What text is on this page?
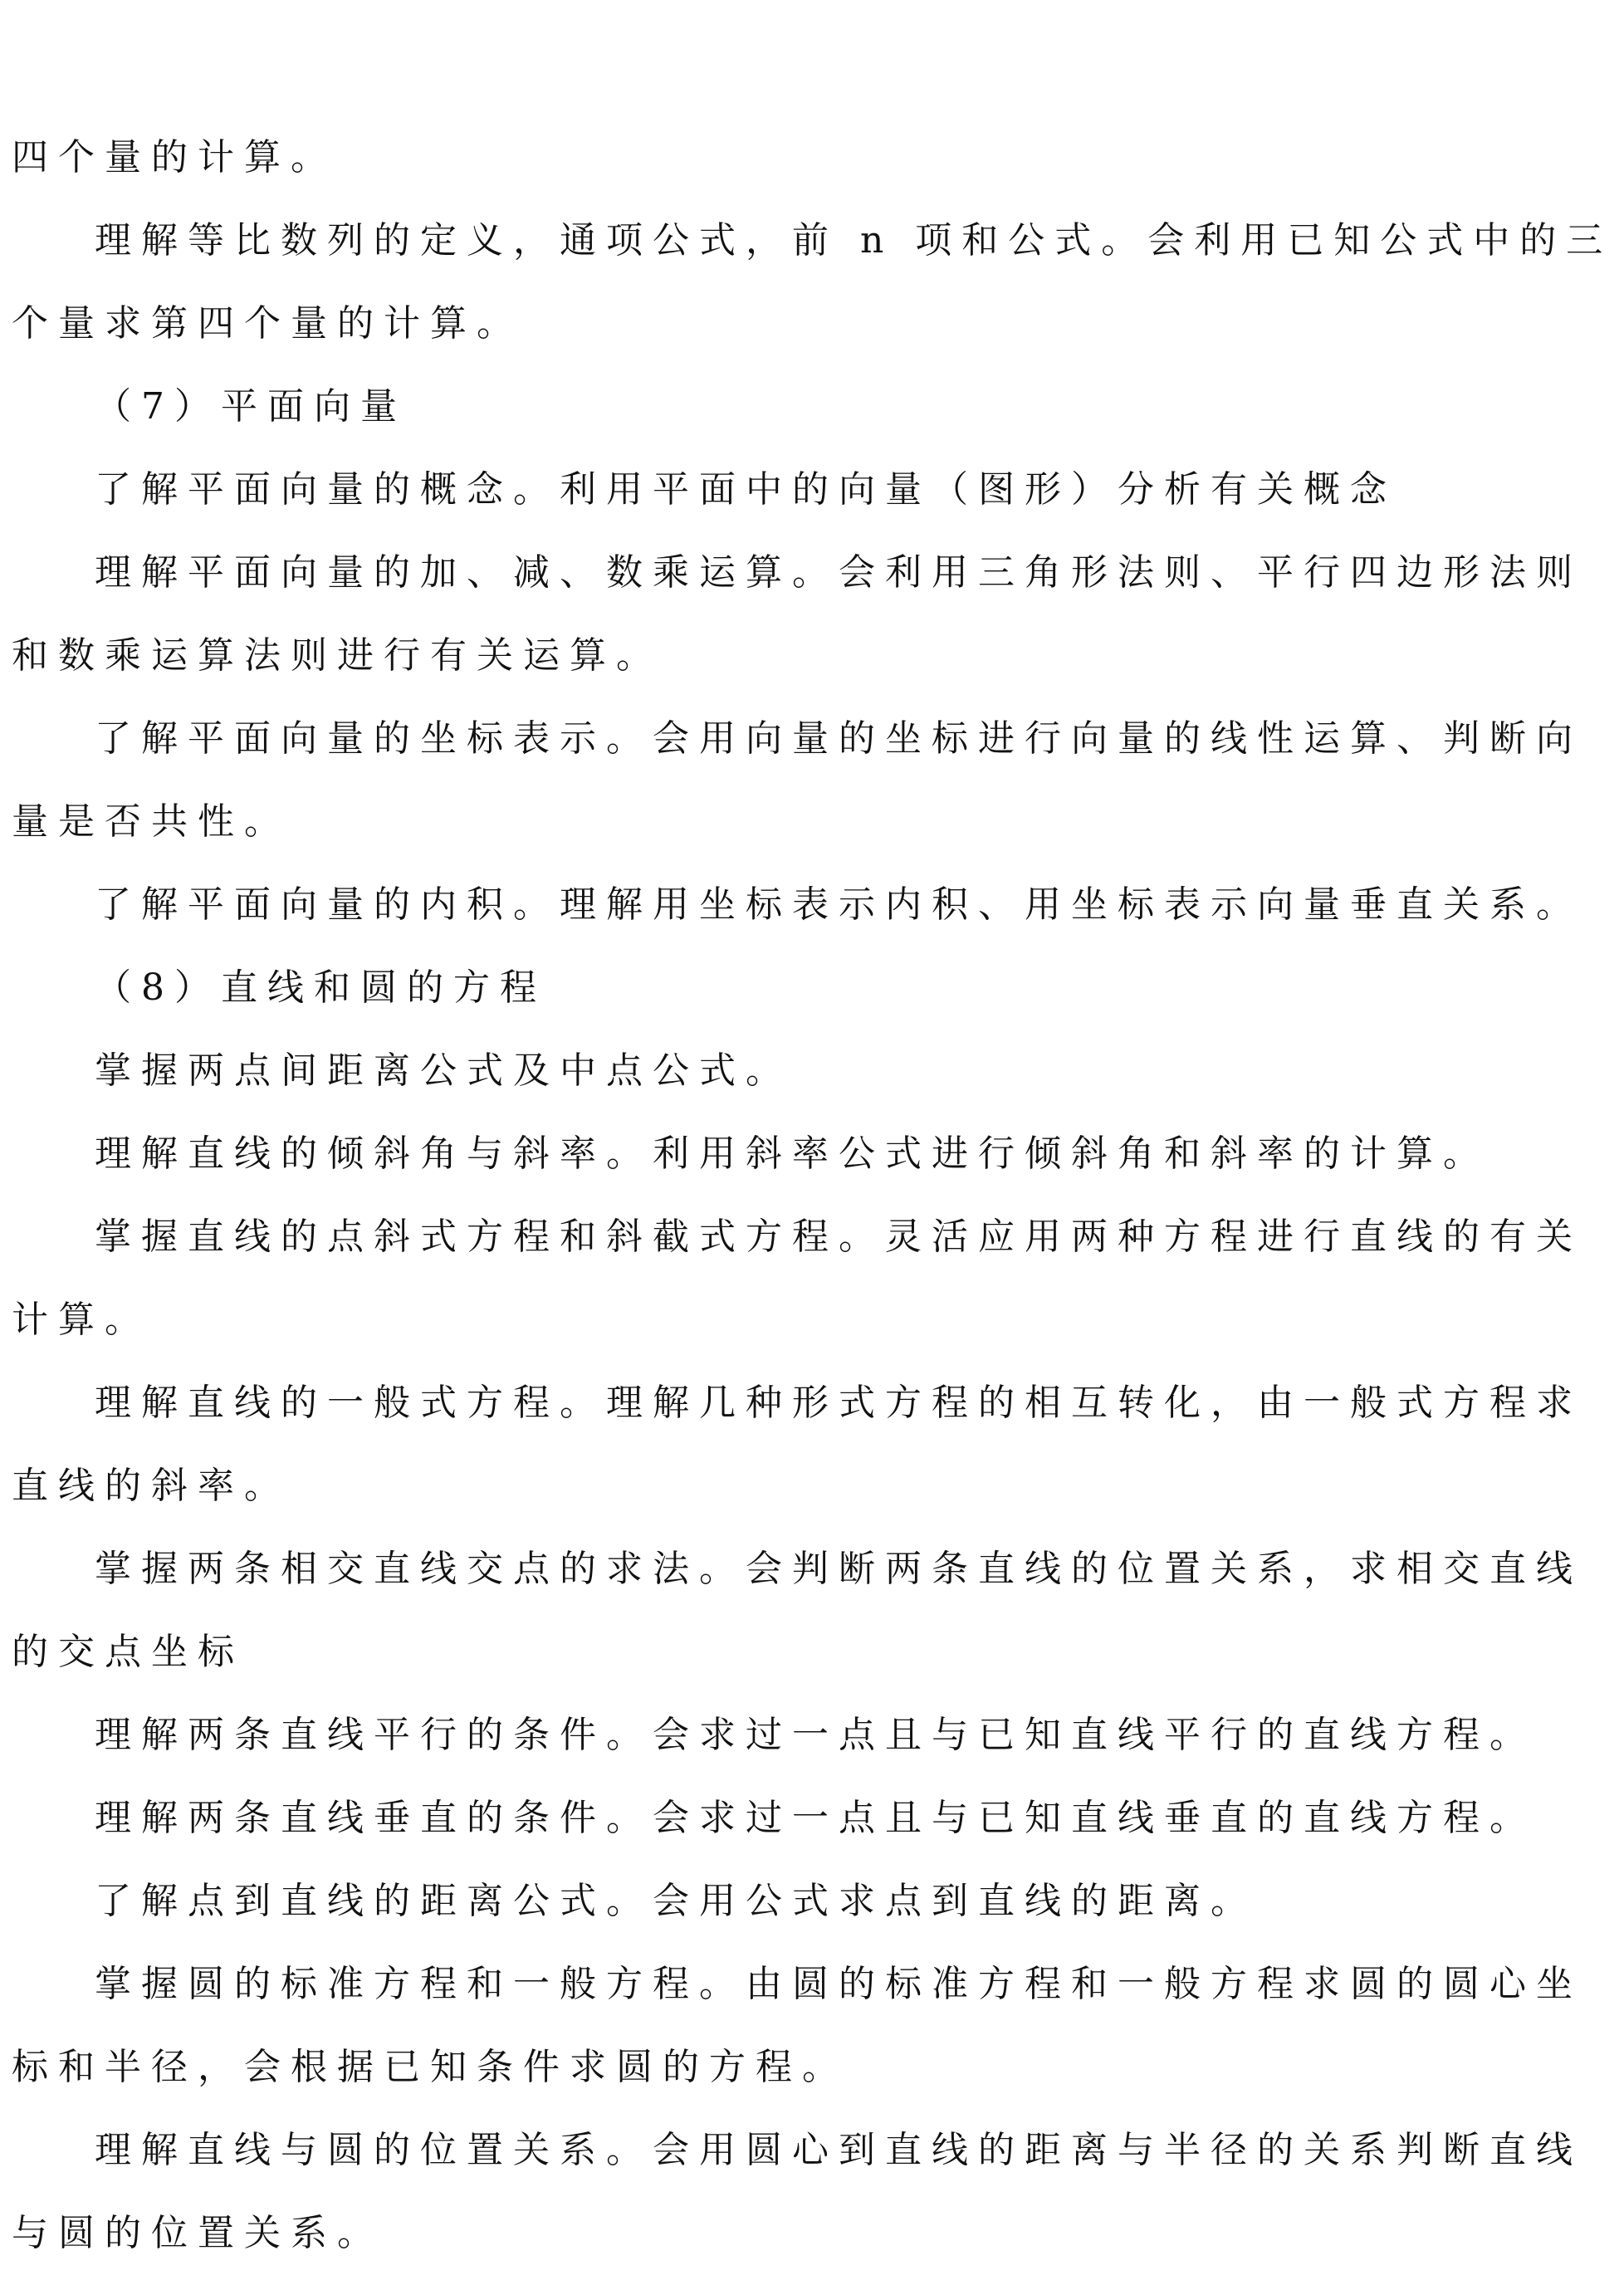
四个量的计算。

理解等比数列的定义，通项公式，前 n 项和公式。会利用已知公式中的三个量求第四个量的计算。

（7）平面向量

了解平面向量的概念。利用平面中的向量（图形）分析有关概念

理解平面向量的加、减、数乘运算。会利用三角形法则、平行四边形法则和数乘运算法则进行有关运算。

了解平面向量的坐标表示。会用向量的坐标进行向量的线性运算、判断向量是否共性。

了解平面向量的内积。理解用坐标表示内积、用坐标表示向量垂直关系。

（8）直线和圆的方程

掌握两点间距离公式及中点公式。

理解直线的倾斜角与斜率。利用斜率公式进行倾斜角和斜率的计算。

掌握直线的点斜式方程和斜截式方程。灵活应用两种方程进行直线的有关计算。

理解直线的一般式方程。理解几种形式方程的相互转化，由一般式方程求直线的斜率。

掌握两条相交直线交点的求法。会判断两条直线的位置关系，求相交直线的交点坐标

理解两条直线平行的条件。会求过一点且与已知直线平行的直线方程。

理解两条直线垂直的条件。会求过一点且与已知直线垂直的直线方程。

了解点到直线的距离公式。会用公式求点到直线的距离。

掌握圆的标准方程和一般方程。由圆的标准方程和一般方程求圆的圆心坐标和半径，会根据已知条件求圆的方程。

理解直线与圆的位置关系。会用圆心到直线的距离与半径的关系判断直线与圆的位置关系。
